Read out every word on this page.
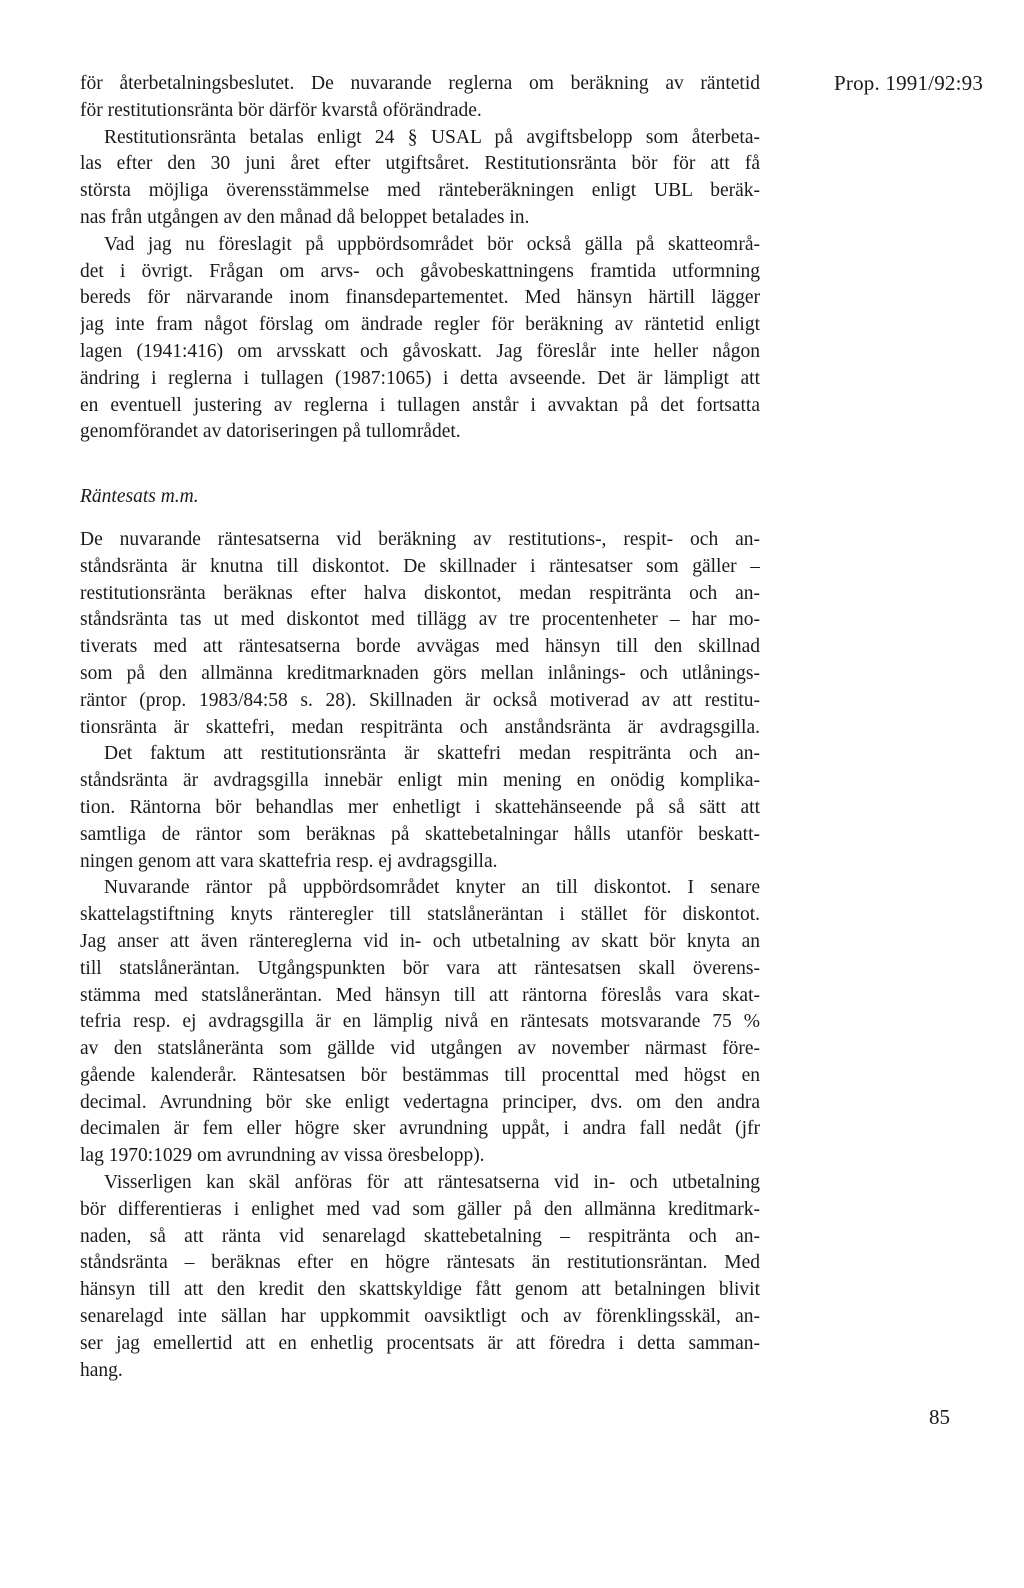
Prop. 1991/92:93
för återbetalningsbeslutet. De nuvarande reglerna om beräkning av räntetid
för restitutionsränta bör därför kvarstå oförändrade.
Restitutionsränta betalas enligt 24 § USAL på avgiftsbelopp som återbeta-
las efter den 30 juni året efter utgiftsåret. Restitutionsränta bör för att få
största möjliga överensstämmelse med ränteberäkningen enligt UBL beräk-
nas från utgången av den månad då beloppet betalades in.
Vad jag nu föreslagit på uppbördsområdet bör också gälla på skatteområ-
det i övrigt. Frågan om arvs- och gåvobeskattningens framtida utformning
bereds för närvarande inom finansdepartementet. Med hänsyn härtill lägger
jag inte fram något förslag om ändrade regler för beräkning av räntetid enligt
lagen (1941:416) om arvsskatt och gåvoskatt. Jag föreslår inte heller någon
ändring i reglerna i tullagen (1987:1065) i detta avseende. Det är lämpligt att
en eventuell justering av reglerna i tullagen anstår i avvaktan på det fortsatta
genomförandet av datoriseringen på tullområdet.
Räntesats m.m.
De nuvarande räntesatserna vid beräkning av restitutions-, respit- och an-
ståndsränta är knutna till diskontot. De skillnader i räntesatser som gäller –
restitutionsränta beräknas efter halva diskontot, medan respitränta och an-
ståndsränta tas ut med diskontot med tillägg av tre procentenheter – har mo-
tiverats med att räntesatserna borde avvägas med hänsyn till den skillnad
som på den allmänna kreditmarknaden görs mellan inlånings- och utlånings-
räntor (prop. 1983/84:58 s. 28). Skillnaden är också motiverad av att restitu-
tionsränta är skattefri, medan respitränta och anståndsränta är avdragsgilla.
Det faktum att restitutionsränta är skattefri medan respitränta och an-
ståndsränta är avdragsgilla innebär enligt min mening en onödig komplika-
tion. Räntorna bör behandlas mer enhetligt i skattehänseende på så sätt att
samtliga de räntor som beräknas på skattebetalningar hålls utanför beskatt-
ningen genom att vara skattefria resp. ej avdragsgilla.
Nuvarande räntor på uppbördsområdet knyter an till diskontot. I senare
skattelagstiftning knyts ränteregler till statslåneräntan i stället för diskontot.
Jag anser att även räntereglerna vid in- och utbetalning av skatt bör knyta an
till statslåneräntan. Utgångspunkten bör vara att räntesatsen skall överens-
stämma med statslåneräntan. Med hänsyn till att räntorna föreslås vara skat-
tefria resp. ej avdragsgilla är en lämplig nivå en räntesats motsvarande 75 %
av den statslåneränta som gällde vid utgången av november närmast före-
gående kalenderår. Räntesatsen bör bestämmas till procenttal med högst en
decimal. Avrundning bör ske enligt vedertagna principer, dvs. om den andra
decimalen är fem eller högre sker avrundning uppåt, i andra fall nedåt (jfr
lag 1970:1029 om avrundning av vissa öresbelopp).
Visserligen kan skäl anföras för att räntesatserna vid in- och utbetalning
bör differentieras i enlighet med vad som gäller på den allmänna kreditmark-
naden, så att ränta vid senarelagd skattebetalning – respitränta och an-
ståndsränta – beräknas efter en högre räntesats än restitutionsräntan. Med
hänsyn till att den kredit den skattskyldige fått genom att betalningen blivit
senarelagd inte sällan har uppkommit oavsiktligt och av förenklingsskäl, an-
ser jag emellertid att en enhetlig procentsats är att föredra i detta samman-
hang.
85
